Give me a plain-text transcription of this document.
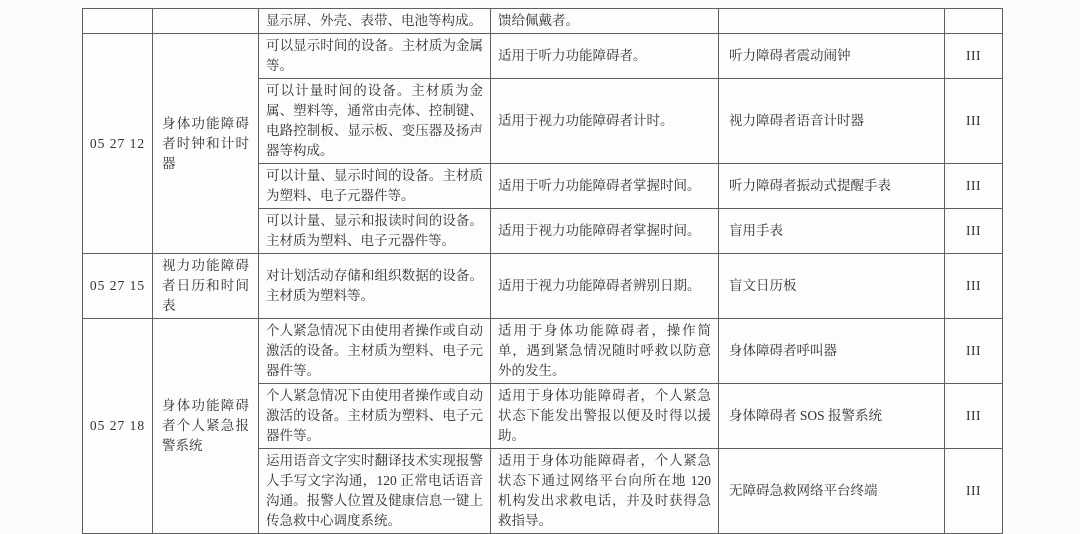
		显示屏、外壳、表带、电池等构成。	馈给佩戴者。		
05 27 12	身体功能障碍者时钟和计时器	可以显示时间的设备。主材质为金属等。	适用于听力功能障碍者。	听力障碍者震动闹钟	III
		可以计量时间的设备。主材质为金属、塑料等，通常由壳体、控制键、电路控制板、显示板、变压器及扬声器等构成。	适用于视力功能障碍者计时。	视力障碍者语音计时器	III
		可以计量、显示时间的设备。主材质为塑料、电子元器件等。	适用于听力功能障碍者掌握时间。	听力障碍者振动式提醒手表	III
		可以计量、显示和报读时间的设备。主材质为塑料、电子元器件等。	适用于视力功能障碍者掌握时间。	盲用手表	III
05 27 15	视力功能障碍者日历和时间表	对计划活动存储和组织数据的设备。主材质为塑料等。	适用于视力功能障碍者辨别日期。	盲文日历板	III
05 27 18	身体功能障碍者个人紧急报警系统	个人紧急情况下由使用者操作或自动激活的设备。主材质为塑料、电子元器件等。	适用于身体功能障碍者，操作简单，遇到紧急情况随时呼救以防意外的发生。	身体障碍者呼叫器	III
		个人紧急情况下由使用者操作或自动激活的设备。主材质为塑料、电子元器件等。	适用于身体功能障碍者，个人紧急状态下能发出警报以便及时得以援助。	身体障碍者 SOS 报警系统	III
		运用语音文字实时翻译技术实现报警人手写文字沟通，120 正常电话语音沟通。报警人位置及健康信息一键上传急救中心调度系统。	适用于身体功能障碍者，个人紧急状态下通过网络平台向所在地 120 机构发出求救电话，并及时获得急救指导。	无障碍急救网络平台终端	III
